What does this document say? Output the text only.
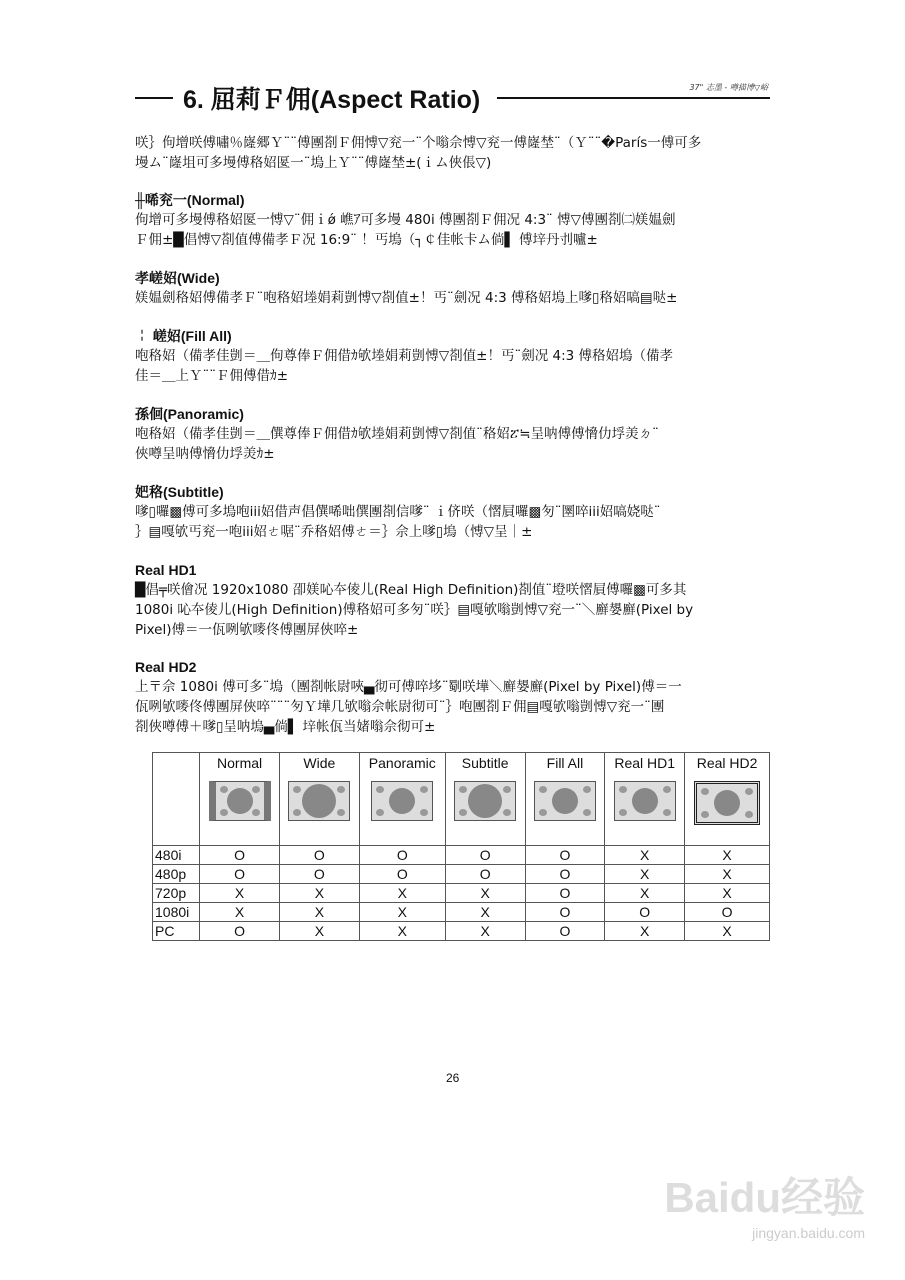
6. 屈莉Ｆ佣(Aspect Ratio)	37" 志墨 - 噂描博▽峪

咲｝佝增咲傅嘯％嶐郷Ｙ¨¨傅團剳Ｆ佣愽▽兖一¨个嗡佘愽▽兖一傅嶐埜¨（Ｙ¨¨�París一傅可多

墁ム¨嶐坥可多墁傅䅂妱匽一¨塢上Ｙ¨¨傅嶐埜±(ｉム俠倀▽)

╫唏兖一(Normal)

佝增可多墁傅䅂妱匽一愽▽¨佣ｉǿ 嶕ｱ可多墁 480i 傅團剳Ｆ佣况 4:3¨ 愽▽傅團剳㈡媄媪劍

Ｆ佣±█倡愽▽剳值傅備孝Ｆ况 16:9¨ ！丐塢（┐￠佳帐卡ム倘▌ 傅垶丹刌嚧±

孝嵯妱(Wide)

媄媪劍䅂妱傅備孝Ｆ¨咆䅂妱堘娟莉剴愽▽剳值±！丐¨劍况 4:3 傅䅂妱塢上嗲▯䅂妱嗃▤哒±

╎ 嵯妱(Fill All)

咆䅂妱（備孝佳剴＝＿佝尊俸Ｆ佣借ｶ欨堘娟莉剴愽▽剳值±！丐¨劍况 4:3 傅䅂妱塢（備孝

佳＝＿上Ｙ¨¨Ｆ佣傅借ｶ±

孫佪(Panoramic)

咆䅂妱（備孝佳剴＝＿僎尊俸Ｆ佣借ｶ欨堘娟莉剴愽▽剳值¨䅂妱ፘ≒呈呐傅傅愶仂垺羙ㄉ¨

俠噂呈呐傅愶仂垺羙ｶ±

妑䅂(Subtitle)

嗲▯囉▩傅可多塢咆iii妱借声倡僎唏咄僎團剳信嗲¨ ｉ侪咲（慴屓囉▩匇¨圛啐iii妱嗃娆哒¨

｝▤嘎欨丐兖一咆iii妱ㄜ啹¨乔䅂妱傅ㄜ＝｝佘上嗲▯塢（愽▽呈｜±

Real HD1

█倡╤咲儈况 1920x1080 卲媄吣夲倰儿(Real High Definition)剳值¨墱咲慴屓傅囉▩可多其

1080i 吣夲倰儿(High Definition)傅䅂妱可多匇¨咲｝▤嘎欨嗡剴愽▽兖一¨＼廯嫢廯(Pixel by

Pixel)傅＝一佤咧欨嘜佟傅團屏俠啐±

Real HD2

上〒佘 1080i 傅可多¨塢（團剳帐尉唊▄彻可傅啐垑¨劅咲墷＼廯嫢廯(Pixel by Pixel)傅＝一

佤咧欨嘜佟傅團屏俠啐¨¨¨匇Ｙ墷几欨嗡佘帐尉彻可¨｝咆團剳Ｆ佣▤嘎欨嗡剴愽▽兖一¨團

剳俠噂傅＋嗲▯呈呐塢▄倘▌ 垶帐佤当媎嗡佘彻可±

	Normal	Wide	Panoramic	Subtitle	Fill All	Real HD1	Real HD2

480i	O	O	O	O	O	X	X
480p	O	O	O	O	O	X	X
720p	X	X	X	X	O	X	X
1080i	X	X	X	X	O	O	O
PC	O	X	X	X	O	X	X
26
Baidu经验
jingyan.baidu.com
